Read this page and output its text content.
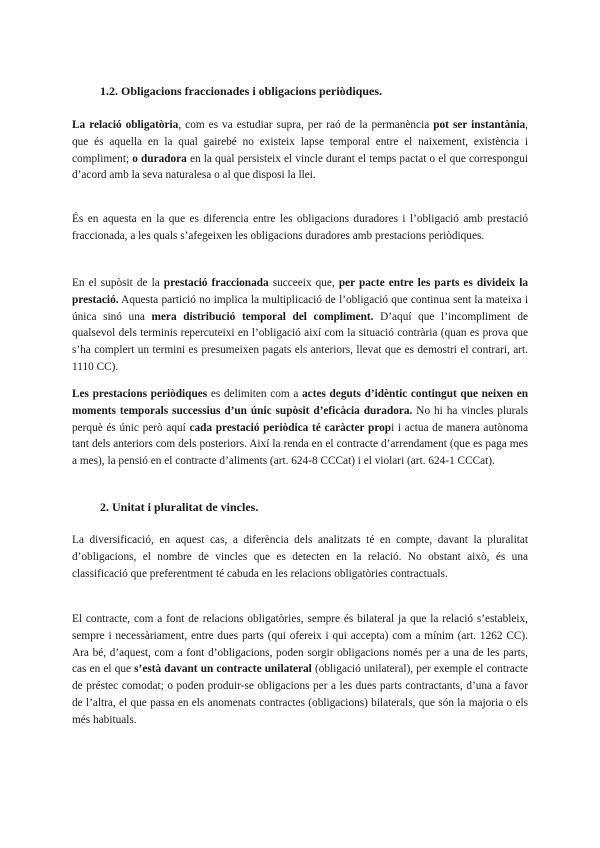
1.2. Obligacions fraccionades i obligacions periòdiques.

La relació obligatòria, com es va estudiar supra, per raó de la permanència pot ser instantània, que és aquella en la qual gairebé no existeix lapse temporal entre el naixement, existència i compliment; o duradora en la qual persisteix el vincle durant el temps pactat o el que correspongui d’acord amb la seva naturalesa o al que disposi la llei.

És en aquesta en la que es diferencia entre les obligacions duradores i l’obligació amb prestació fraccionada, a les quals s’afegeixen les obligacions duradores amb prestacions periòdiques.

En el supòsit de la prestació fraccionada succeeix que, per pacte entre les parts es divideix la prestació. Aquesta partició no implica la multiplicació de l’obligació que continua sent la mateixa i única sinó una mera distribució temporal del compliment. D’aquí que l’incompliment de qualsevol dels terminis repercuteixi en l’obligació així com la situació contrària (quan es prova que s’ha complert un termini es presumeixen pagats els anteriors, llevat que es demostri el contrari, art. 1110 CC).

Les prestacions periòdiques es delimiten com a actes deguts d’idèntic contingut que neixen en moments temporals successius d’un únic supòsit d’eficàcia duradora. No hi ha vincles plurals perquè és únic però aquí cada prestació periòdica té caràcter propi i actua de manera autònoma tant dels anteriors com dels posteriors. Així la renda en el contracte d’arrendament (que es paga mes a mes), la pensió en el contracte d’aliments (art. 624-8 CCCat) i el violari (art. 624-1 CCCat).

2. Unitat i pluralitat de vincles.

La diversificació, en aquest cas, a diferència dels analitzats té en compte, davant la pluralitat d’obligacions, el nombre de vincles que es detecten en la relació. No obstant això, és una classificació que preferentment té cabuda en les relacions obligatòries contractuals.

El contracte, com a font de relacions obligatòries, sempre és bilateral ja que la relació s’estableix, sempre i necessàriament, entre dues parts (qui ofereix i qui accepta) com a mínim (art. 1262 CC). Ara bé, d’aquest, com a font d’obligacions, poden sorgir obligacions només per a una de les parts, cas en el que s’està davant un contracte unilateral (obligació unilateral), per exemple el contracte de préstec comodat; o poden produir-se obligacions per a les dues parts contractants, d’una a favor de l’altra, el que passa en els anomenats contractes (obligacions) bilaterals, que són la majoria o els més habituals.
